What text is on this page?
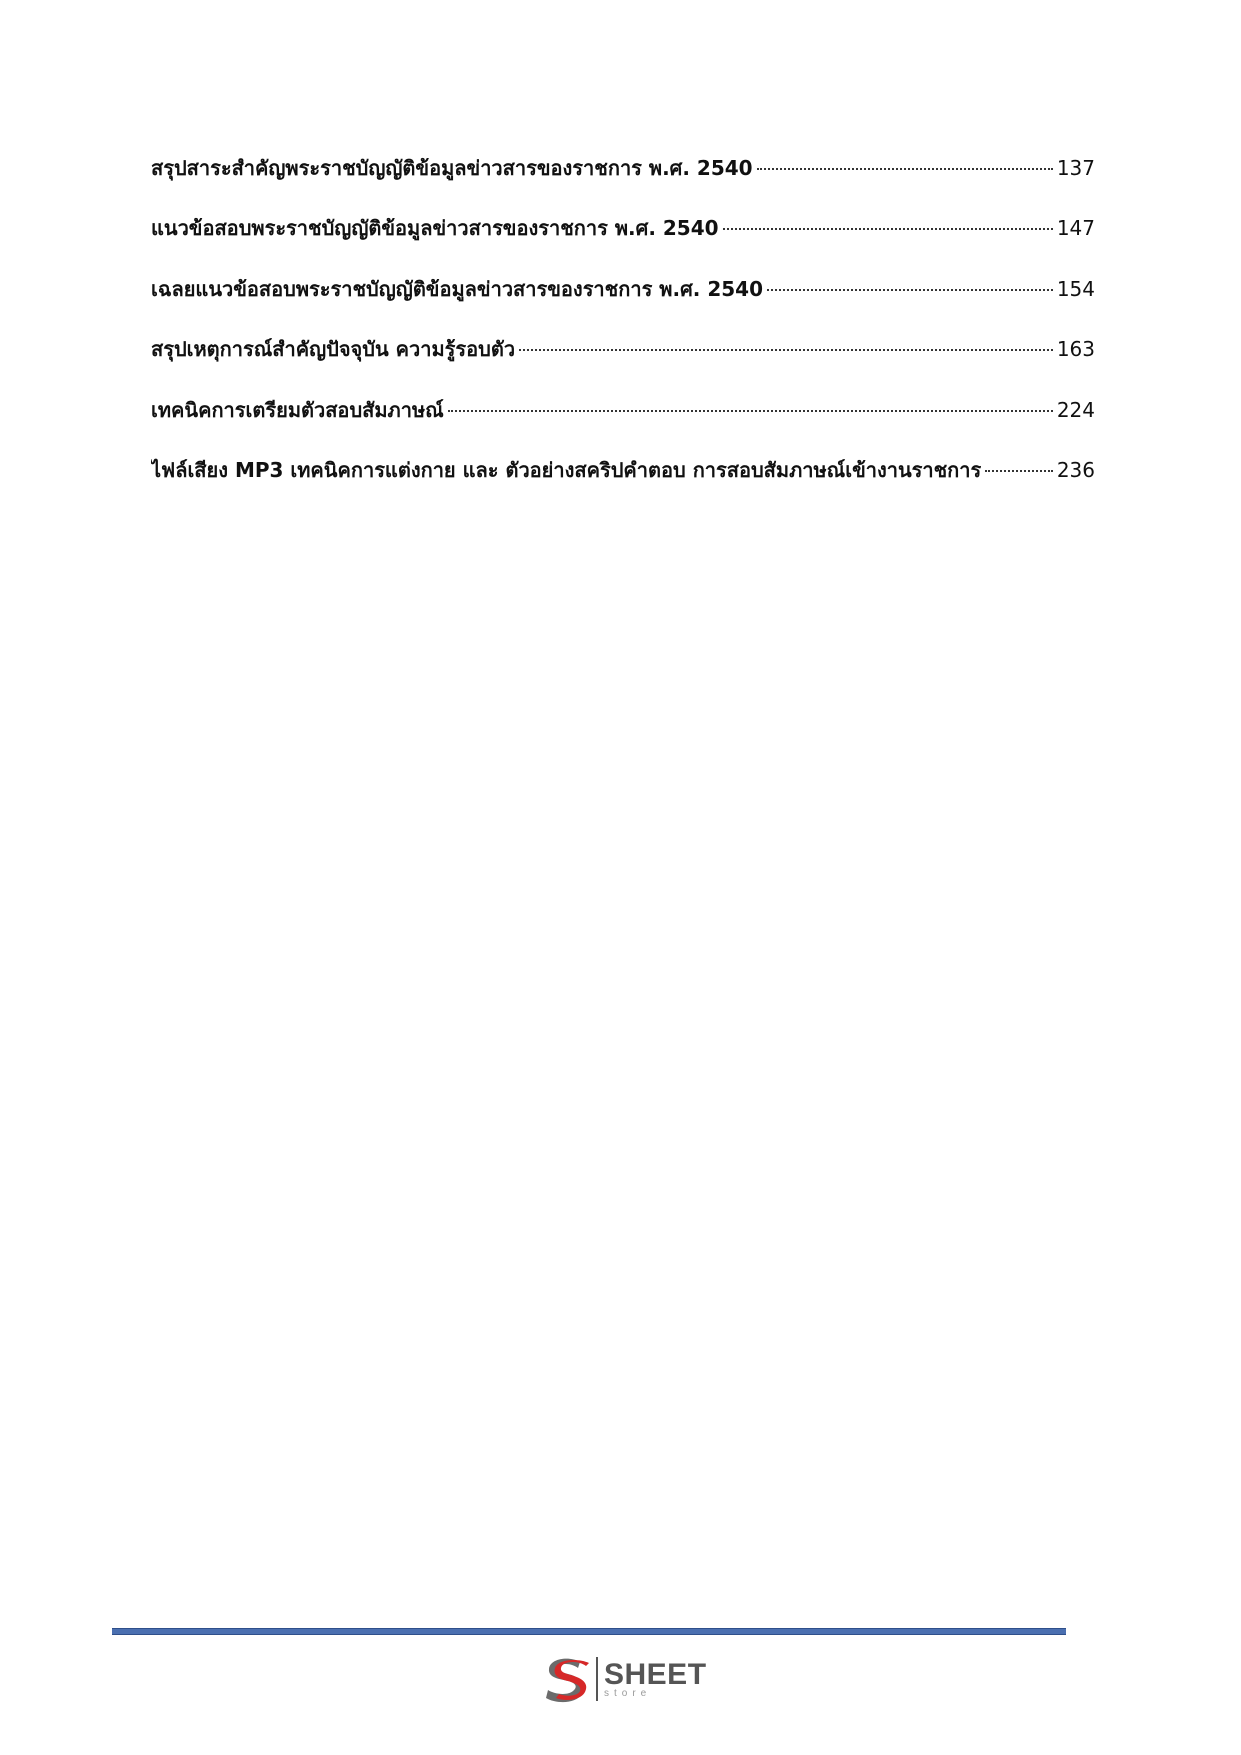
สรุปสาระสำคัญพระราชบัญญัติข้อมูลข่าวสารของราชการ พ.ศ. 2540	137
แนวข้อสอบพระราชบัญญัติข้อมูลข่าวสารของราชการ พ.ศ. 2540	147
เฉลยแนวข้อสอบพระราชบัญญัติข้อมูลข่าวสารของราชการ พ.ศ. 2540	154
สรุปเหตุการณ์สำคัญปัจจุบัน ความรู้รอบตัว	163
เทคนิคการเตรียมตัวสอบสัมภาษณ์	224
ไฟล์เสียง MP3 เทคนิคการแต่งกาย และ ตัวอย่างสคริปคำตอบ การสอบสัมภาษณ์เข้างานราชการ	236
SHEET
store
